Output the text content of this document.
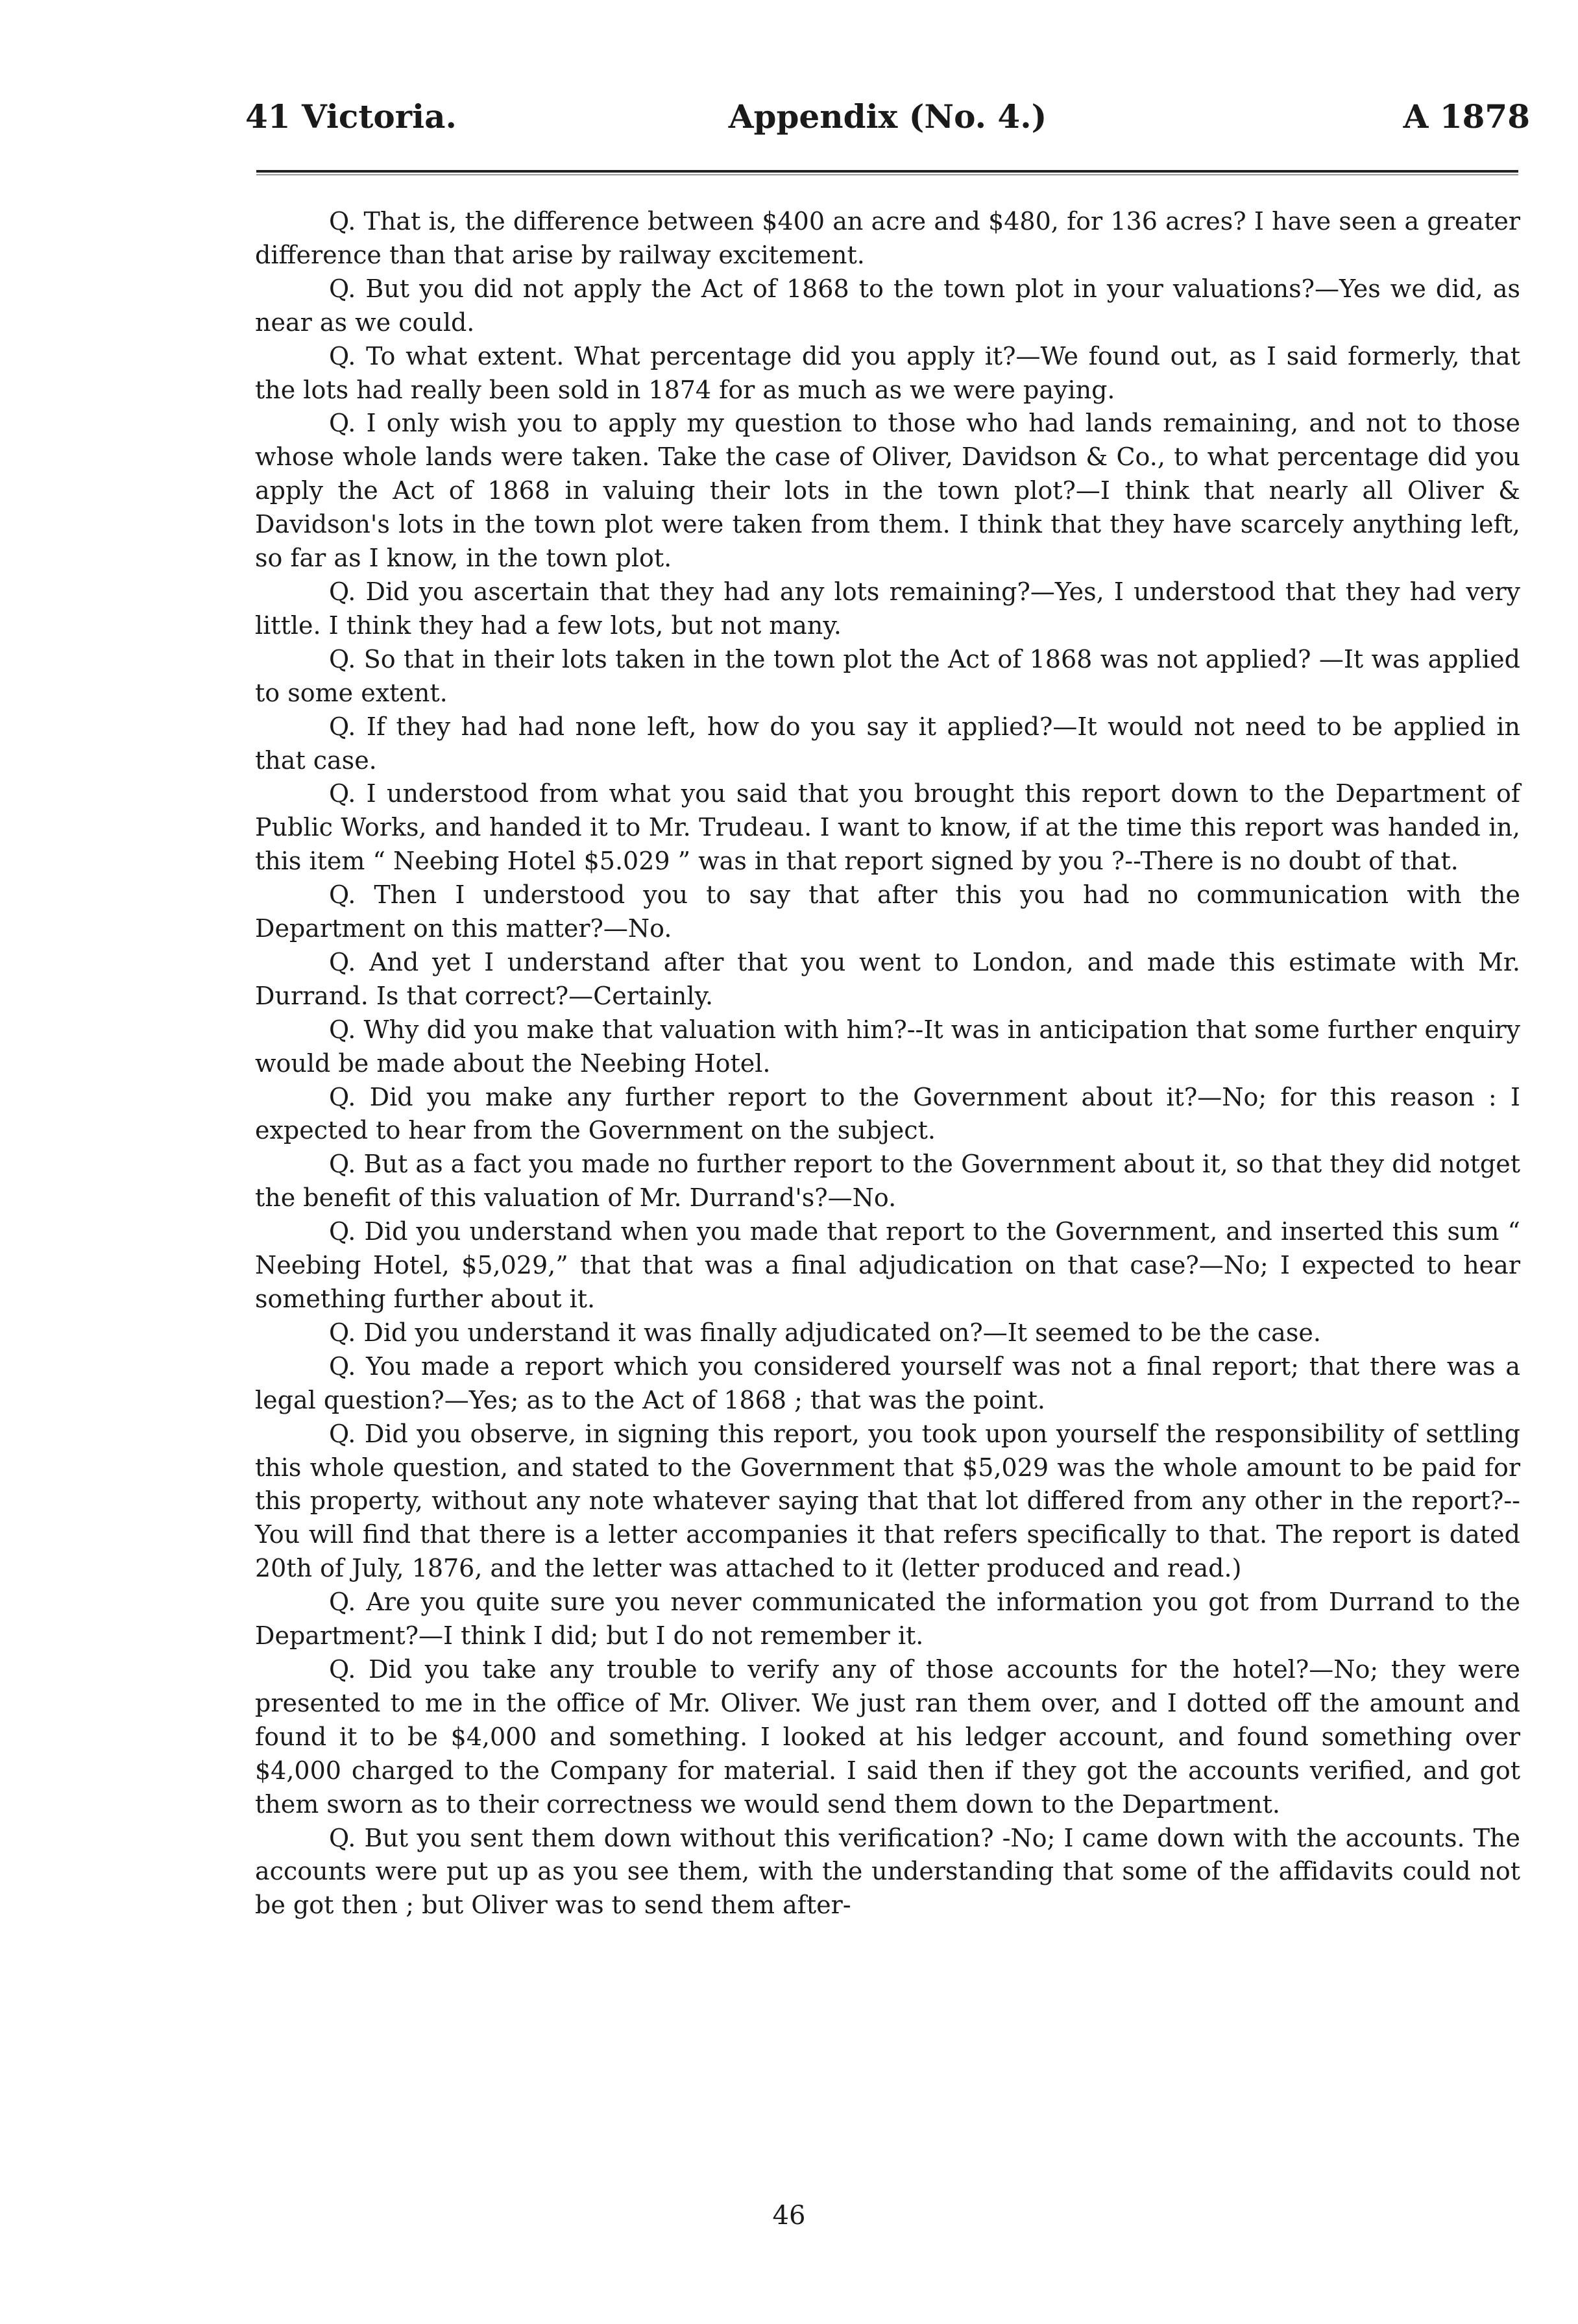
41 Victoria.	Appendix (No. 4.)	A 1878

Q. That is, the difference between $400 an acre and $480, for 136 acres? I have seen a greater difference than that arise by railway excitement.

Q. But you did not apply the Act of 1868 to the town plot in your valuations?—Yes we did, as near as we could.

Q. To what extent. What percentage did you apply it?—We found out, as I said formerly, that the lots had really been sold in 1874 for as much as we were paying.

Q. I only wish you to apply my question to those who had lands remaining, and not to those whose whole lands were taken. Take the case of Oliver, Davidson & Co., to what percentage did you apply the Act of 1868 in valuing their lots in the town plot?—I think that nearly all Oliver & Davidson's lots in the town plot were taken from them. I think that they have scarcely anything left, so far as I know, in the town plot.

Q. Did you ascertain that they had any lots remaining?—Yes, I understood that they had very little. I think they had a few lots, but not many.

Q. So that in their lots taken in the town plot the Act of 1868 was not applied? —It was applied to some extent.

Q. If they had had none left, how do you say it applied?—It would not need to be applied in that case.

Q. I understood from what you said that you brought this report down to the Department of Public Works, and handed it to Mr. Trudeau. I want to know, if at the time this report was handed in, this item “ Neebing Hotel $5.029 ” was in that report signed by you ?--There is no doubt of that.

Q. Then I understood you to say that after this you had no communication with the Department on this matter?—No.

Q. And yet I understand after that you went to London, and made this estimate with Mr. Durrand. Is that correct?—Certainly.

Q. Why did you make that valuation with him?--It was in anticipation that some further enquiry would be made about the Neebing Hotel.

Q. Did you make any further report to the Government about it?—No; for this reason : I expected to hear from the Government on the subject.

Q. But as a fact you made no further report to the Government about it, so that they did notget the benefit of this valuation of Mr. Durrand's?—No.

Q. Did you understand when you made that report to the Government, and inserted this sum “ Neebing Hotel, $5,029,” that that was a final adjudication on that case?—No; I expected to hear something further about it.

Q. Did you understand it was finally adjudicated on?—It seemed to be the case.

Q. You made a report which you considered yourself was not a final report; that there was a legal question?—Yes; as to the Act of 1868 ; that was the point.

Q. Did you observe, in signing this report, you took upon yourself the responsibility of settling this whole question, and stated to the Government that $5,029 was the whole amount to be paid for this property, without any note whatever saying that that lot differed from any other in the report?--You will find that there is a letter accompanies it that refers specifically to that. The report is dated 20th of July, 1876, and the letter was attached to it (letter produced and read.)

Q. Are you quite sure you never communicated the information you got from Durrand to the Department?—I think I did; but I do not remember it.

Q. Did you take any trouble to verify any of those accounts for the hotel?—No; they were presented to me in the office of Mr. Oliver. We just ran them over, and I dotted off the amount and found it to be $4,000 and something. I looked at his ledger account, and found something over $4,000 charged to the Company for material. I said then if they got the accounts verified, and got them sworn as to their correctness we would send them down to the Department.

Q. But you sent them down without this verification? -No; I came down with the accounts. The accounts were put up as you see them, with the understanding that some of the affidavits could not be got then ; but Oliver was to send them after-

46
